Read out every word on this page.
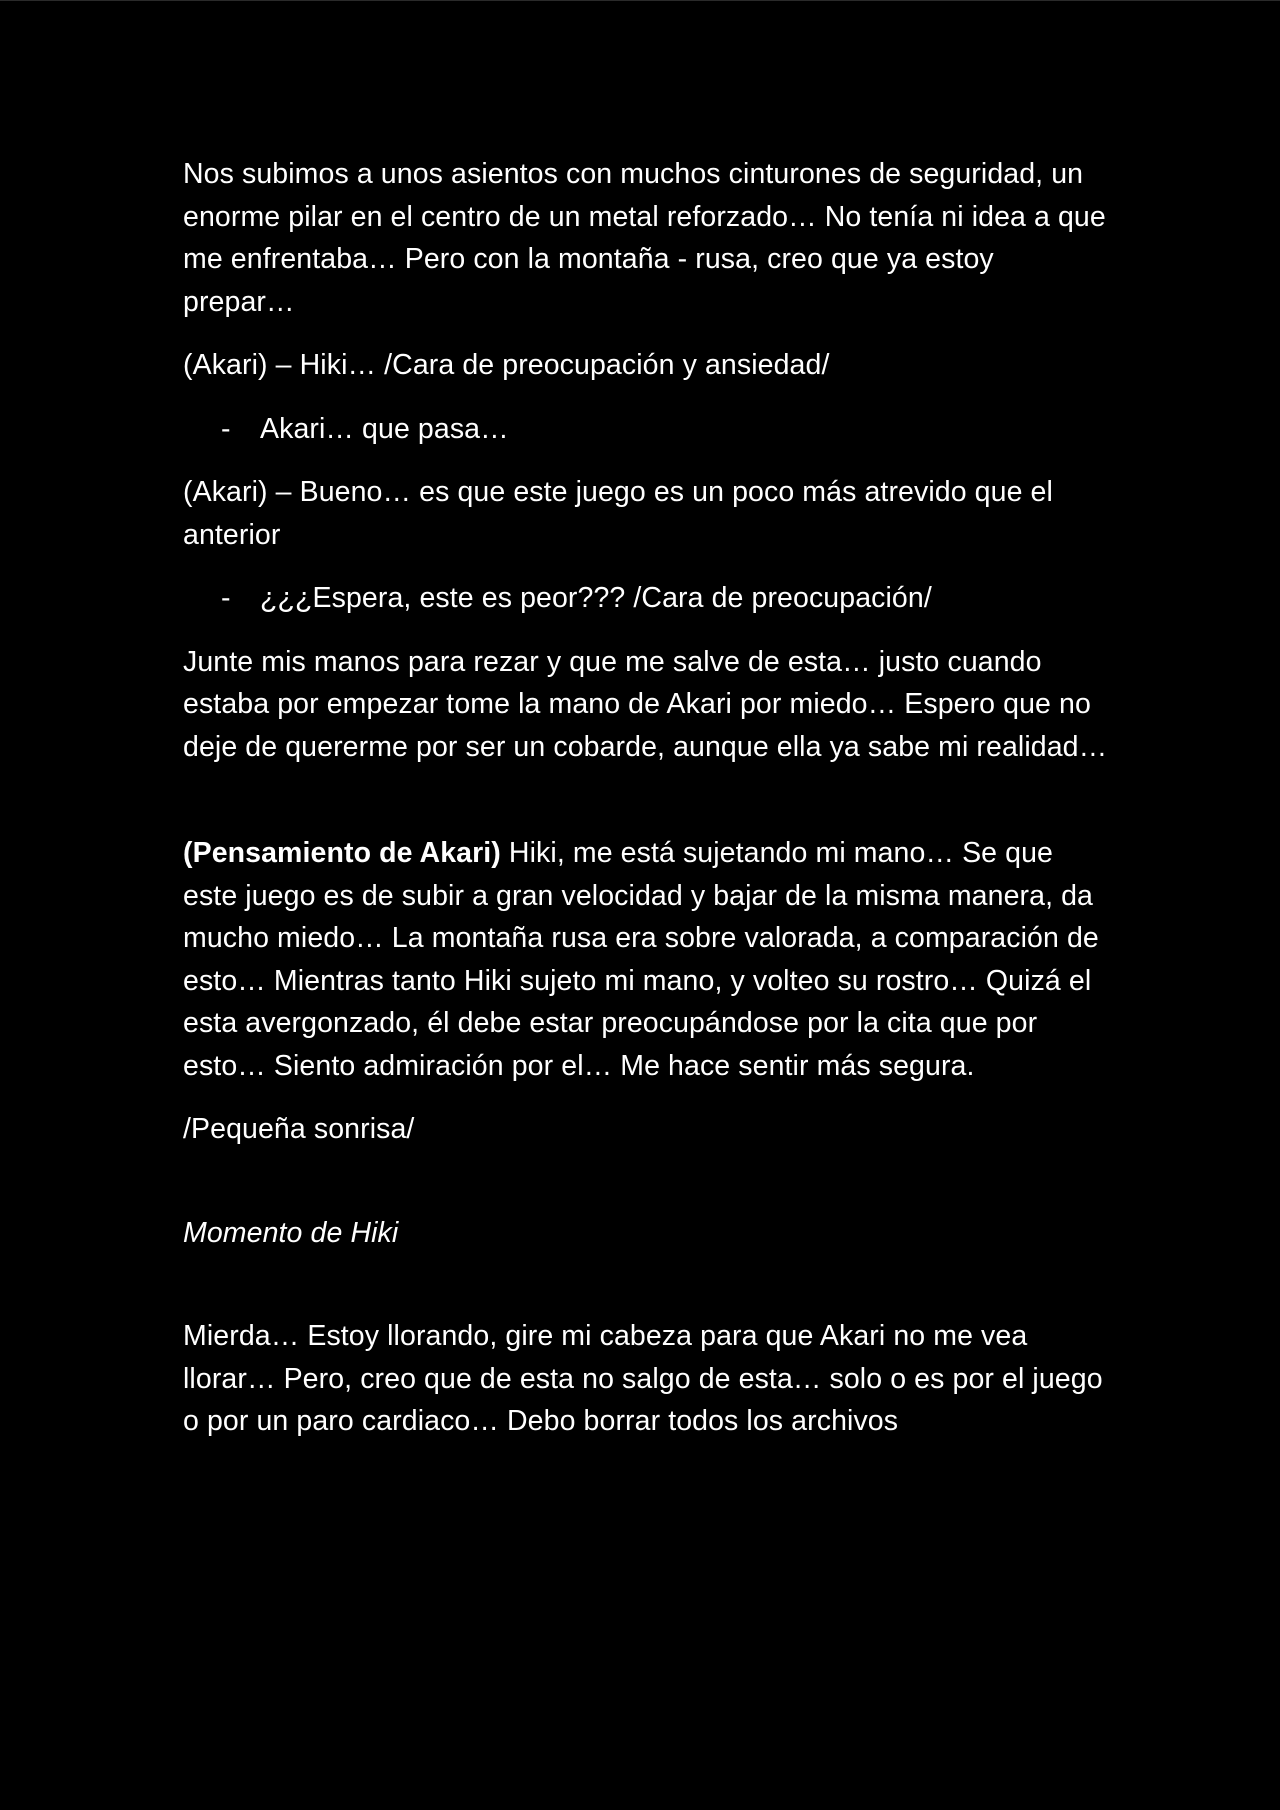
Nos subimos a unos asientos con muchos cinturones de seguridad, un enorme pilar en el centro de un metal reforzado… No tenía ni idea a que me enfrentaba… Pero con la montaña - rusa, creo que ya estoy prepar…

(Akari) – Hiki… /Cara de preocupación y ansiedad/

- Akari… que pasa…

(Akari) – Bueno… es que este juego es un poco más atrevido que el anterior

- ¿¿¿Espera, este es peor??? /Cara de preocupación/

Junte mis manos para rezar y que me salve de esta… justo cuando estaba por empezar tome la mano de Akari por miedo… Espero que no deje de quererme por ser un cobarde, aunque ella ya sabe mi realidad…

(Pensamiento de Akari) Hiki, me está sujetando mi mano… Se que este juego es de subir a gran velocidad y bajar de la misma manera, da mucho miedo… La montaña rusa era sobre valorada, a comparación de esto… Mientras tanto Hiki sujeto mi mano, y volteo su rostro… Quizá el esta avergonzado, él debe estar preocupándose por la cita que por esto… Siento admiración por el… Me hace sentir más segura.

/Pequeña sonrisa/

Momento de Hiki

Mierda… Estoy llorando, gire mi cabeza para que Akari no me vea llorar… Pero, creo que de esta no salgo de esta… solo o es por el juego o por un paro cardiaco… Debo borrar todos los archivos
